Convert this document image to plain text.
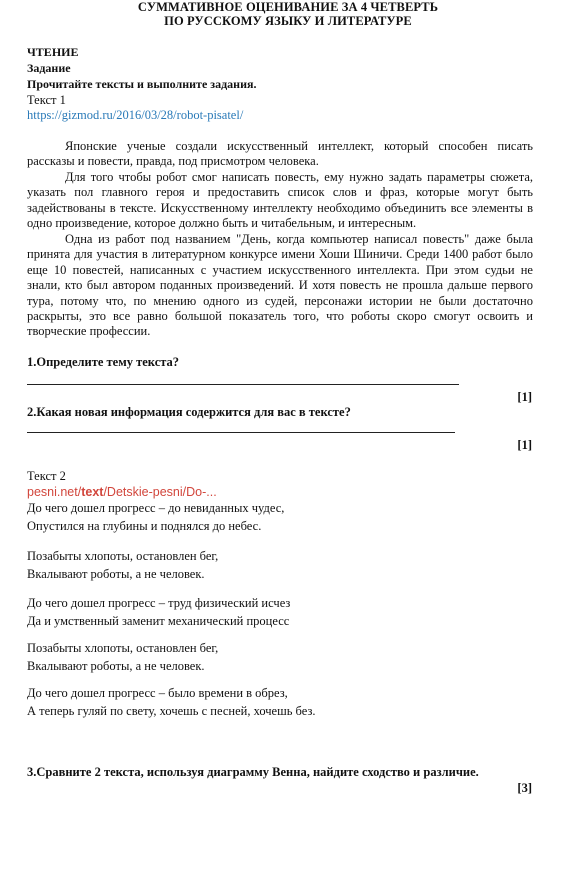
СУММАТИВНОЕ ОЦЕНИВАНИЕ ЗА 4 ЧЕТВЕРТЬ
ПО РУССКОМУ ЯЗЫКУ И ЛИТЕРАТУРЕ
ЧТЕНИЕ
Задание
Прочитайте тексты и выполните задания.
Текст 1
https://gizmod.ru/2016/03/28/robot-pisatel/

Японские ученые создали искусственный интеллект, который способен писать рассказы и повести, правда, под присмотром человека.

Для того чтобы робот смог написать повесть, ему нужно задать параметры сюжета, указать пол главного героя и предоставить список слов и фраз, которые могут быть задействованы в тексте. Искусственному интеллекту необходимо объединить все элементы в одно произведение, которое должно быть и читабельным, и интересным.

Одна из работ под названием "День, когда компьютер написал повесть" даже была принята для участия в литературном конкурсе имени Хоши Шиничи. Среди 1400 работ было еще 10 повестей, написанных с участием искусственного интеллекта. При этом судьи не знали, кто был автором поданных произведений. И хотя повесть не прошла дальше первого тура, потому что, по мнению одного из судей, персонажи истории не были достаточно раскрыты, это все равно большой показатель того, что роботы скоро смогут освоить и творческие профессии.

1.Определите тему текста?
[1]
2.Какая новая информация содержится для вас в тексте?
[1]
Текст 2
pesni.net/text/Detskie-pesni/Do-...
До чего дошел прогресс – до невиданных чудес,
Опустился на глубины и поднялся до небес.
Позабыты хлопоты, остановлен бег,
Вкалывают роботы, а не человек.
До чего дошел прогресс – труд физический исчез
Да и умственный заменит механический процесс
Позабыты хлопоты, остановлен бег,
Вкалывают роботы, а не человек.
До чего дошел прогресс – было времени в обрез,
А теперь гуляй по свету, хочешь с песней, хочешь без.
3.Сравните 2 текста, используя диаграмму Венна, найдите сходство и различие.
[3]
